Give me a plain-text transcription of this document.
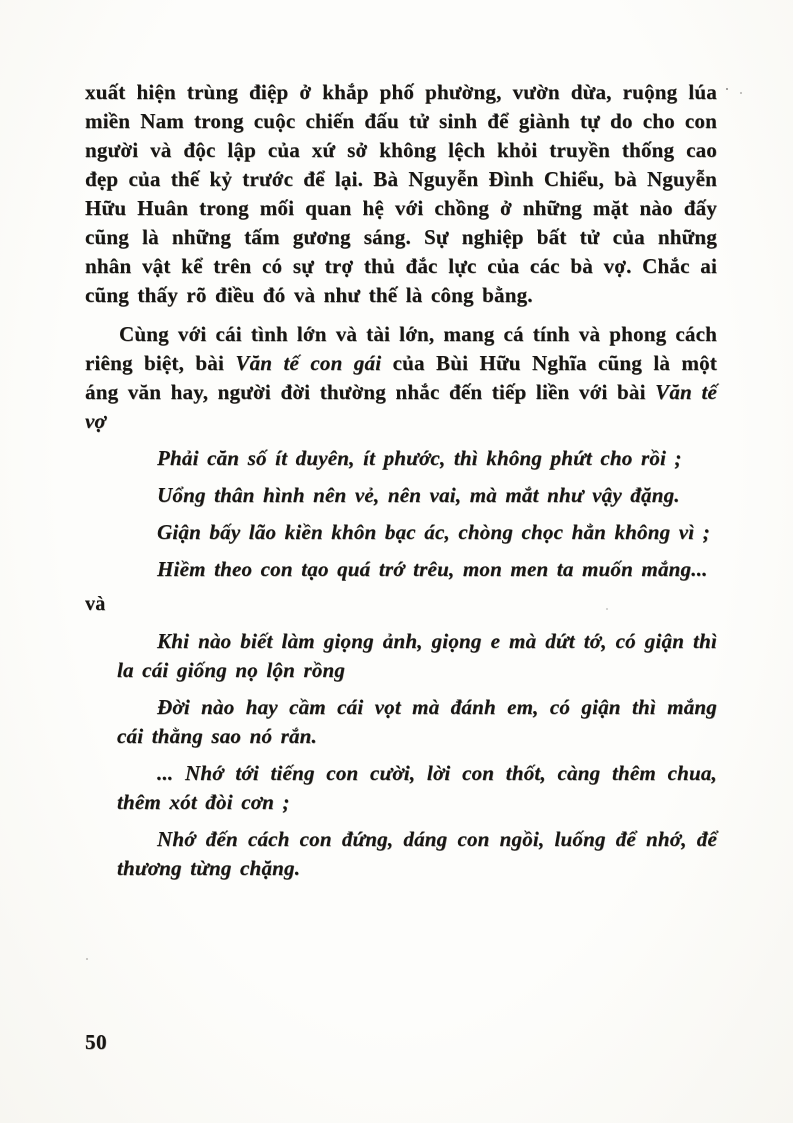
xuất hiện trùng điệp ở khắp phố phường, vườn dừa, ruộng lúa miền Nam trong cuộc chiến đấu tử sinh để giành tự do cho con người và độc lập của xứ sở không lệch khỏi truyền thống cao đẹp của thế kỷ trước để lại. Bà Nguyễn Đình Chiểu, bà Nguyễn Hữu Huân trong mối quan hệ với chồng ở những mặt nào đấy cũng là những tấm gương sáng. Sự nghiệp bất tử của những nhân vật kể trên có sự trợ thủ đắc lực của các bà vợ. Chắc ai cũng thấy rõ điều đó và như thế là công bằng.

Cùng với cái tình lớn và tài lớn, mang cá tính và phong cách riêng biệt, bài Văn tế con gái của Bùi Hữu Nghĩa cũng là một áng văn hay, người đời thường nhắc đến tiếp liền với bài Văn tế vợ

Phải căn số ít duyên, ít phước, thì không phứt cho rồi ;

Uổng thân hình nên vẻ, nên vai, mà mắt như vậy đặng.

Giận bấy lão kiền khôn bạc ác, chòng chọc hẳn không vì ;

Hiềm theo con tạo quá trớ trêu, mon men ta muốn mắng...

và

Khi nào biết làm giọng ảnh, giọng e mà dứt tớ, có giận thì la cái giống nọ lộn rồng

Đời nào hay cầm cái vọt mà đánh em, có giận thì mắng cái thằng sao nó rắn.

... Nhớ tới tiếng con cười, lời con thốt, càng thêm chua, thêm xót đòi cơn ;

Nhớ đến cách con đứng, dáng con ngồi, luống để nhớ, để thương từng chặng.

50
